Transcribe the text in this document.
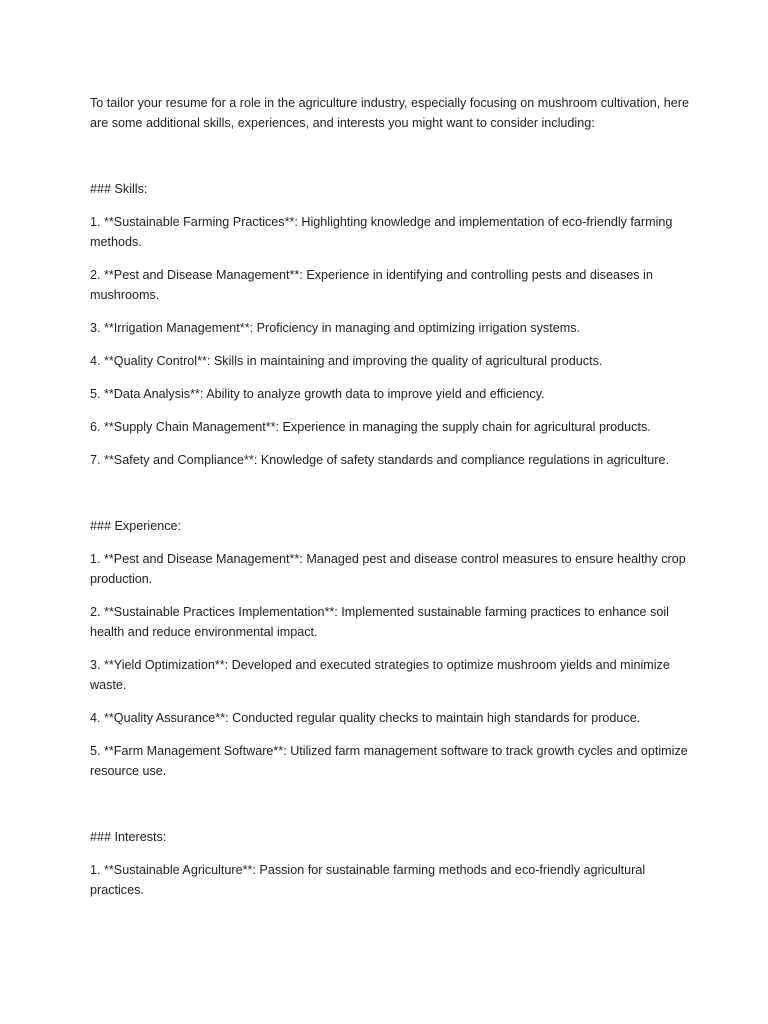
To tailor your resume for a role in the agriculture industry, especially focusing on mushroom cultivation, here are some additional skills, experiences, and interests you might want to consider including:

### Skills:

1. **Sustainable Farming Practices**: Highlighting knowledge and implementation of eco-friendly farming methods.

2. **Pest and Disease Management**: Experience in identifying and controlling pests and diseases in mushrooms.

3. **Irrigation Management**: Proficiency in managing and optimizing irrigation systems.

4. **Quality Control**: Skills in maintaining and improving the quality of agricultural products.

5. **Data Analysis**: Ability to analyze growth data to improve yield and efficiency.

6. **Supply Chain Management**: Experience in managing the supply chain for agricultural products.

7. **Safety and Compliance**: Knowledge of safety standards and compliance regulations in agriculture.

### Experience:

1. **Pest and Disease Management**: Managed pest and disease control measures to ensure healthy crop production.

2. **Sustainable Practices Implementation**: Implemented sustainable farming practices to enhance soil health and reduce environmental impact.

3. **Yield Optimization**: Developed and executed strategies to optimize mushroom yields and minimize waste.

4. **Quality Assurance**: Conducted regular quality checks to maintain high standards for produce.

5. **Farm Management Software**: Utilized farm management software to track growth cycles and optimize resource use.

### Interests:

1. **Sustainable Agriculture**: Passion for sustainable farming methods and eco-friendly agricultural practices.
